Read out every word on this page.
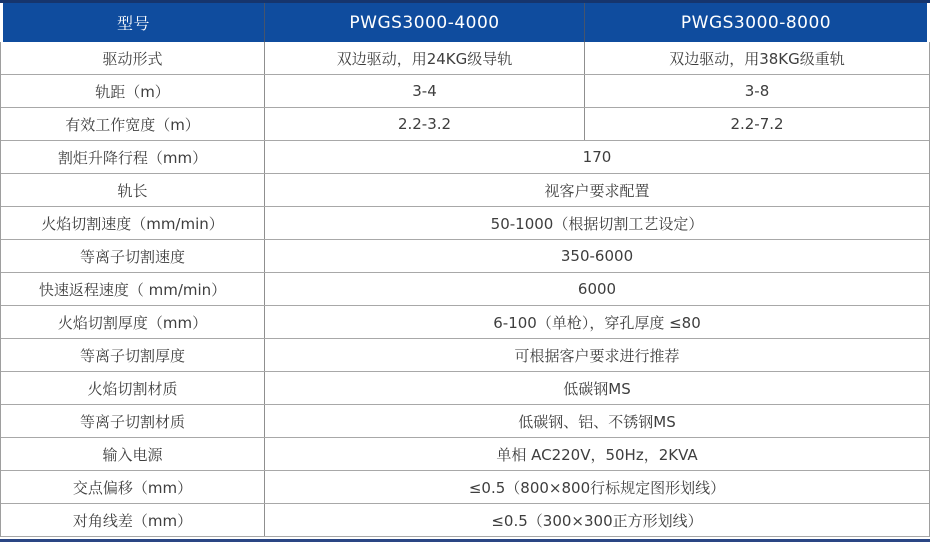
型号	PWGS3000-4000	PWGS3000-8000
驱动形式	双边驱动，用24KG级导轨	双边驱动，用38KG级重轨
轨距（m）	3-4	3-8
有效工作宽度（m）	2.2-3.2	2.2-7.2
割炬升降行程（mm）	170
轨长	视客户要求配置
火焰切割速度（mm/min）	50-1000（根据切割工艺设定）
等离子切割速度	350-6000
快速返程速度（ mm/min）	6000
火焰切割厚度（mm）	6-100（单枪），穿孔厚度 ≤80
等离子切割厚度	可根据客户要求进行推荐
火焰切割材质	低碳钢MS
等离子切割材质	低碳钢、铝、不锈钢MS
输入电源	单相 AC220V，50Hz，2KVA
交点偏移（mm）	≤0.5（800×800行标规定图形划线）
对角线差（mm）	≤0.5（300×300正方形划线）
